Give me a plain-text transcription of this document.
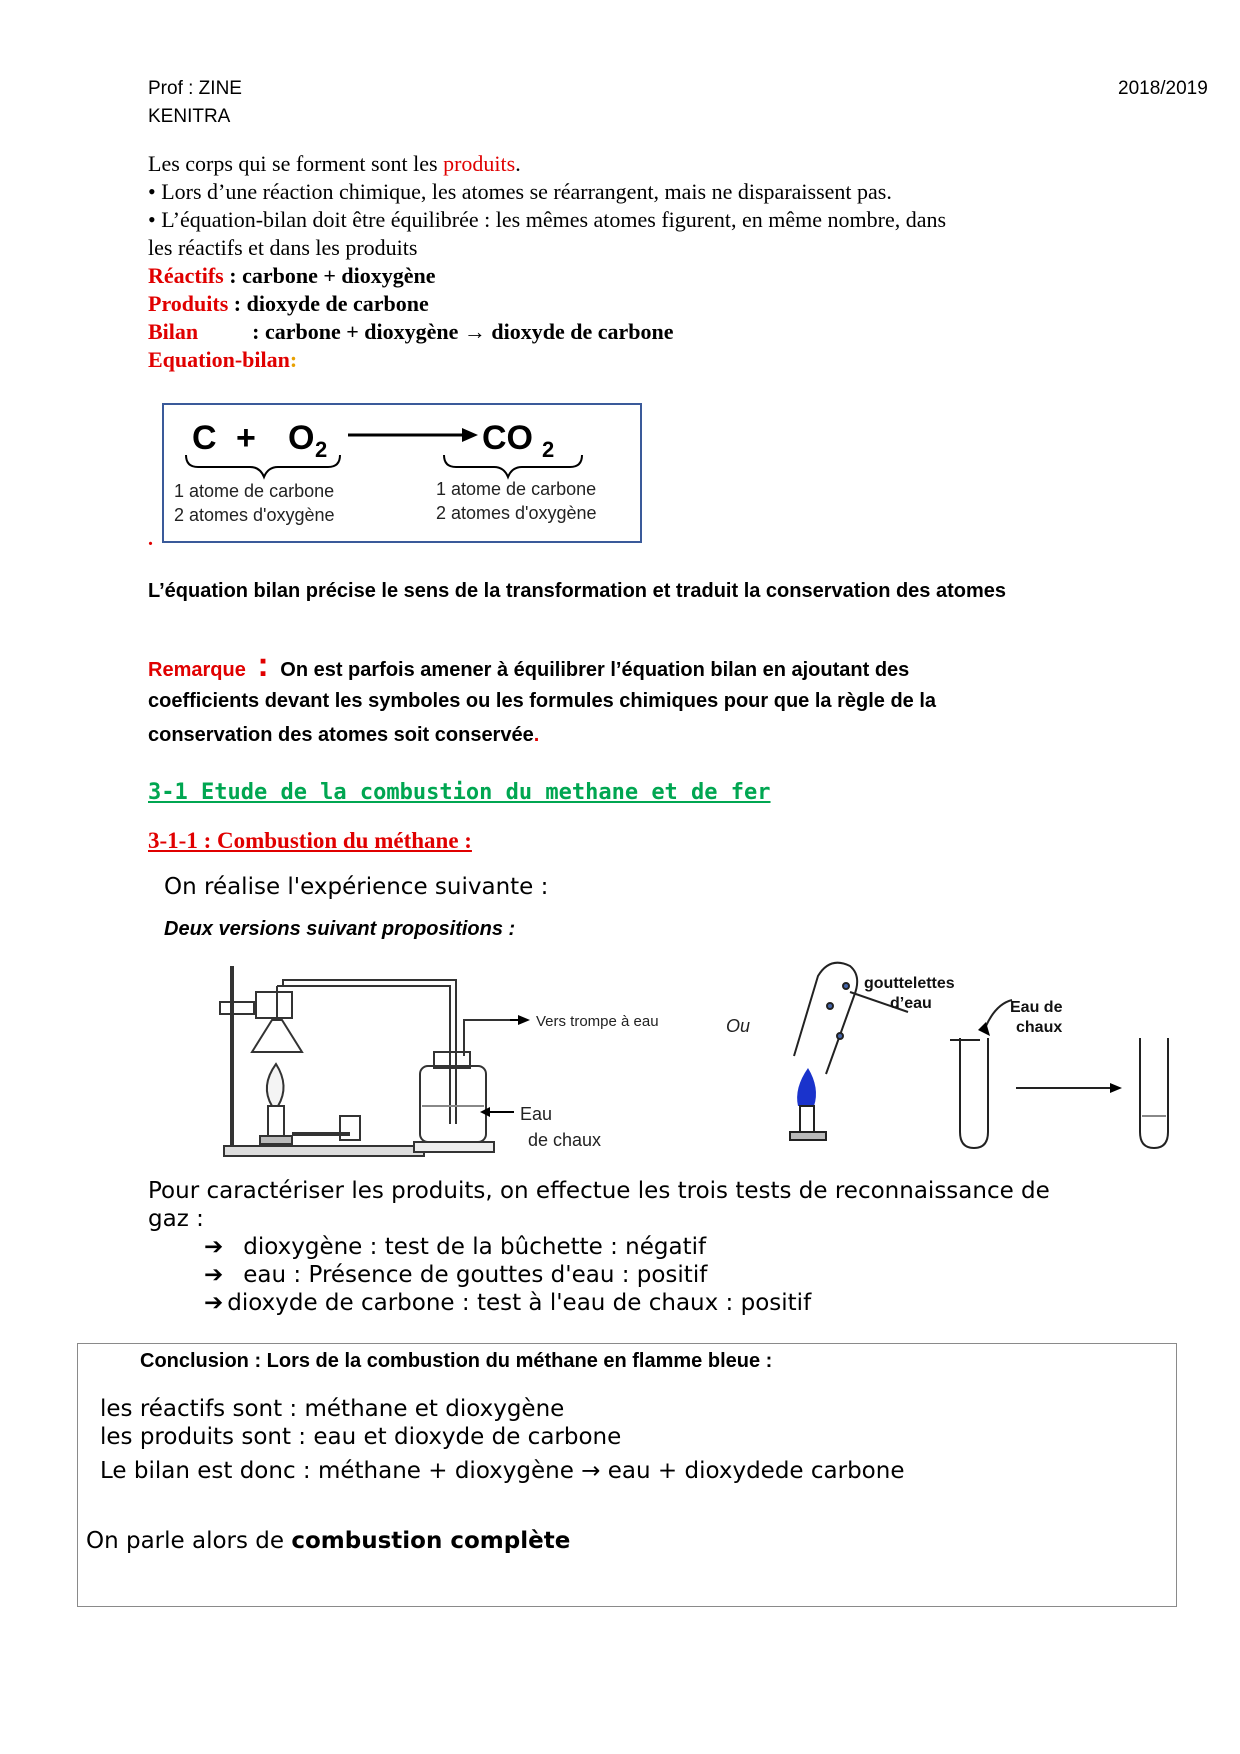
Prof : ZINE
KENITRA
2018/2019
Les corps qui se forment sont les produits.
• Lors d’une réaction chimique, les atomes se réarrangent, mais ne disparaissent pas.
• L’équation-bilan doit être équilibrée : les mêmes atomes figurent, en même nombre, dans
les réactifs et dans les produits
Réactifs : carbone + dioxygène
Produits : dioxyde de carbone
Bilan : carbone + dioxygène → dioxyde de carbone
Equation-bilan:
C + O 2	CO 2
1 atome de carbone
2 atomes d'oxygène
1 atome de carbone
2 atomes d'oxygène
.
L’équation bilan précise le sens de la transformation et traduit la conservation des atomes
Remarque : On est parfois amener à équilibrer l’équation bilan en ajoutant des
coefficients devant les symboles ou les formules chimiques pour que la règle de la
conservation des atomes soit conservée.
3-1 Etude de la combustion du methane et de fer
3-1-1 : Combustion du méthane :
On réalise l'expérience suivante :
Deux versions suivant propositions :
Vers trompe à eau
Eau
de chaux
Ou
gouttelettes
d’eau	Eau de
chaux
Pour caractériser les produits, on effectue les trois tests de reconnaissance de
gaz :
➔ dioxygène : test de la bûchette : négatif
➔ eau : Présence de gouttes d'eau : positif
➔ dioxyde de carbone : test à l'eau de chaux : positif
Conclusion : Lors de la combustion du méthane en flamme bleue :
les réactifs sont : méthane et dioxygène
les produits sont : eau et dioxyde de carbone
Le bilan est donc : méthane + dioxygène → eau + dioxydede carbone
On parle alors de combustion complète
